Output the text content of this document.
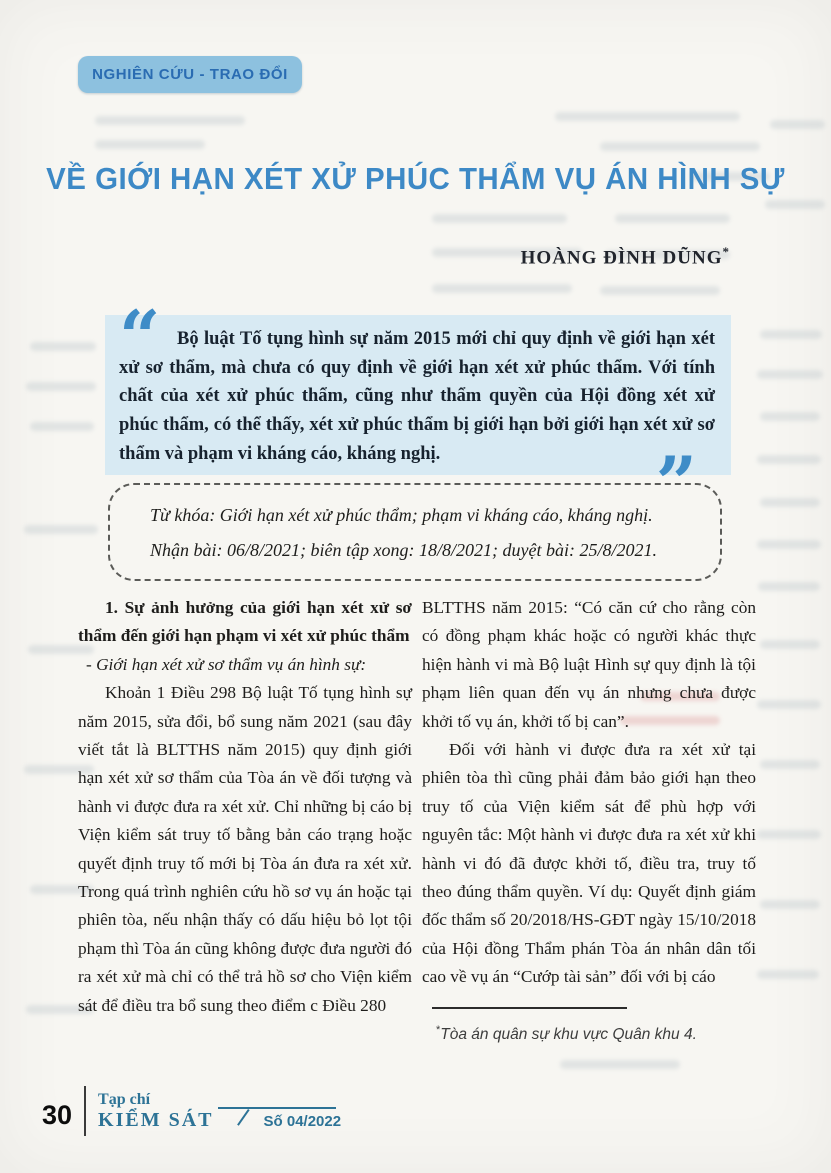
NGHIÊN CỨU - TRAO ĐỔI
VỀ GIỚI HẠN XÉT XỬ PHÚC THẨM VỤ ÁN HÌNH SỰ
HOÀNG ĐÌNH DŨNG*
“ Bộ luật Tố tụng hình sự năm 2015 mới chỉ quy định về giới hạn xét xử sơ thẩm, mà chưa có quy định về giới hạn xét xử phúc thẩm. Với tính chất của xét xử phúc thẩm, cũng như thẩm quyền của Hội đồng xét xử phúc thẩm, có thể thấy, xét xử phúc thẩm bị giới hạn bởi giới hạn xét xử sơ thẩm và phạm vi kháng cáo, kháng nghị.	”

Từ khóa: Giới hạn xét xử phúc thẩm; phạm vi kháng cáo, kháng nghị.

Nhận bài: 06/8/2021; biên tập xong: 18/8/2021; duyệt bài: 25/8/2021.

1. Sự ảnh hưởng của giới hạn xét xử sơ thẩm đến giới hạn phạm vi xét xử phúc thẩm

- Giới hạn xét xử sơ thẩm vụ án hình sự:

Khoản 1 Điều 298 Bộ luật Tố tụng hình sự năm 2015, sửa đổi, bổ sung năm 2021 (sau đây viết tắt là BLTTHS năm 2015) quy định giới hạn xét xử sơ thẩm của Tòa án về đối tượng và hành vi được đưa ra xét xử. Chỉ những bị cáo bị Viện kiểm sát truy tố bằng bản cáo trạng hoặc quyết định truy tố mới bị Tòa án đưa ra xét xử. Trong quá trình nghiên cứu hồ sơ vụ án hoặc tại phiên tòa, nếu nhận thấy có dấu hiệu bỏ lọt tội phạm thì Tòa án cũng không được đưa người đó ra xét xử mà chỉ có thể trả hồ sơ cho Viện kiểm sát để điều tra bổ sung theo điểm c Điều 280

BLTTHS năm 2015: “Có căn cứ cho rằng còn có đồng phạm khác hoặc có người khác thực hiện hành vi mà Bộ luật Hình sự quy định là tội phạm liên quan đến vụ án nhưng chưa được khởi tố vụ án, khởi tố bị can”.

Đối với hành vi được đưa ra xét xử tại phiên tòa thì cũng phải đảm bảo giới hạn theo truy tố của Viện kiểm sát để phù hợp với nguyên tắc: Một hành vi được đưa ra xét xử khi hành vi đó đã được khởi tố, điều tra, truy tố theo đúng thẩm quyền. Ví dụ: Quyết định giám đốc thẩm số 20/2018/HS-GĐT ngày 15/10/2018 của Hội đồng Thẩm phán Tòa án nhân dân tối cao về vụ án “Cướp tài sản” đối với bị cáo

*Tòa án quân sự khu vực Quân khu 4.

30
Tạp chí
KIỂM SÁT	Số 04/2022
